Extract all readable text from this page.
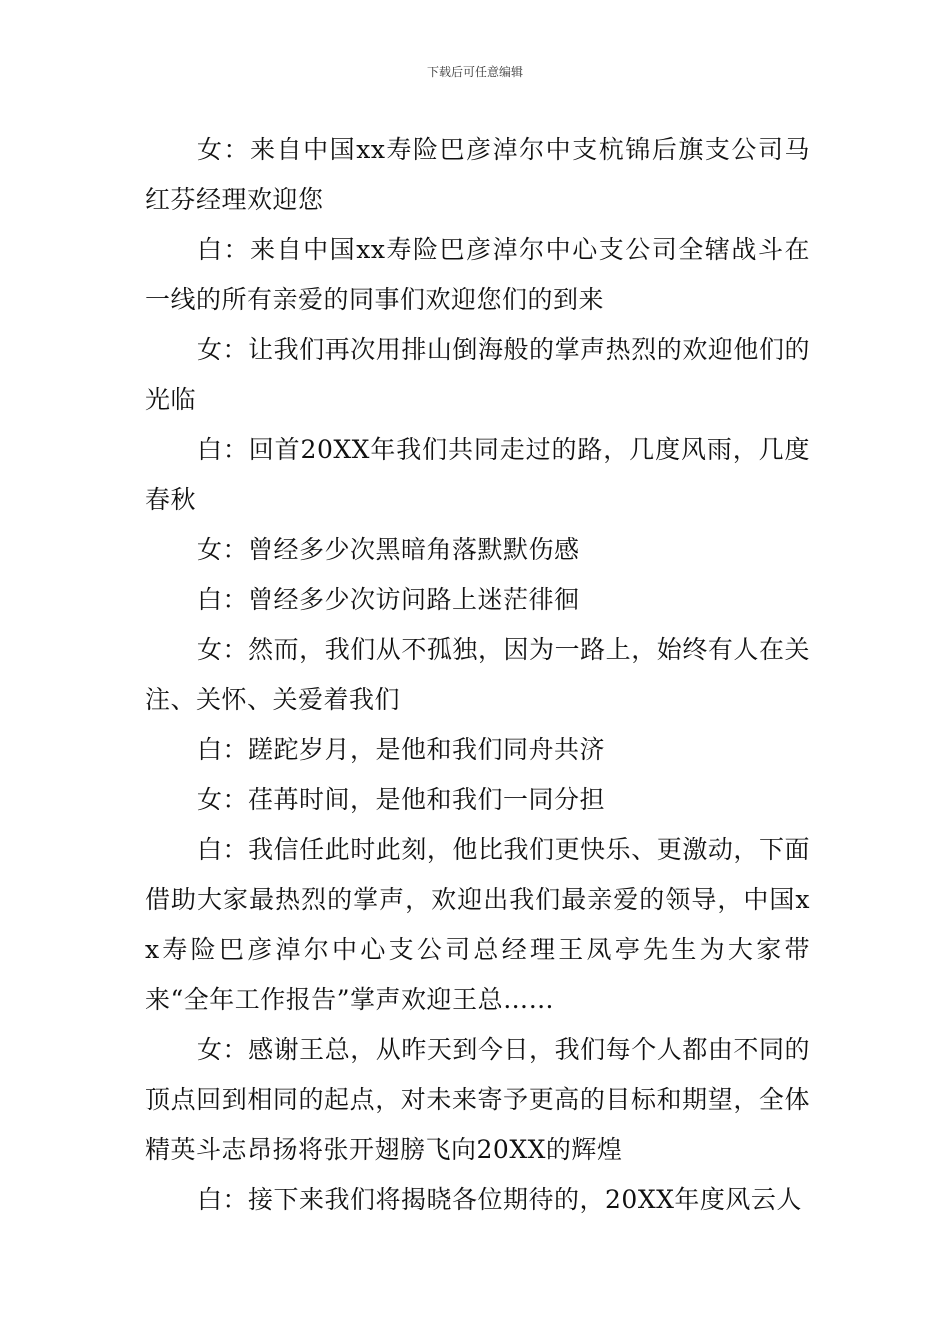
下载后可任意编辑

女：来自中国xx寿险巴彦淖尔中支杭锦后旗支公司马红芬经理欢迎您

白：来自中国xx寿险巴彦淖尔中心支公司全辖战斗在一线的所有亲爱的同事们欢迎您们的到来

女：让我们再次用排山倒海般的掌声热烈的欢迎他们的光临

白：回首20XX年我们共同走过的路，几度风雨，几度春秋

女：曾经多少次黑暗角落默默伤感

白：曾经多少次访问路上迷茫徘徊

女：然而，我们从不孤独，因为一路上，始终有人在关注、关怀、关爱着我们

白：蹉跎岁月，是他和我们同舟共济

女：荏苒时间，是他和我们一同分担

白：我信任此时此刻，他比我们更快乐、更激动，下面借助大家最热烈的掌声，欢迎出我们最亲爱的领导，中国xx寿险巴彦淖尔中心支公司总经理王凤亭先生为大家带来“全年工作报告”掌声欢迎王总……

女：感谢王总，从昨天到今日，我们每个人都由不同的顶点回到相同的起点，对未来寄予更高的目标和期望，全体精英斗志昂扬将张开翅膀飞向20XX的辉煌

白：接下来我们将揭晓各位期待的，20XX年度风云人
